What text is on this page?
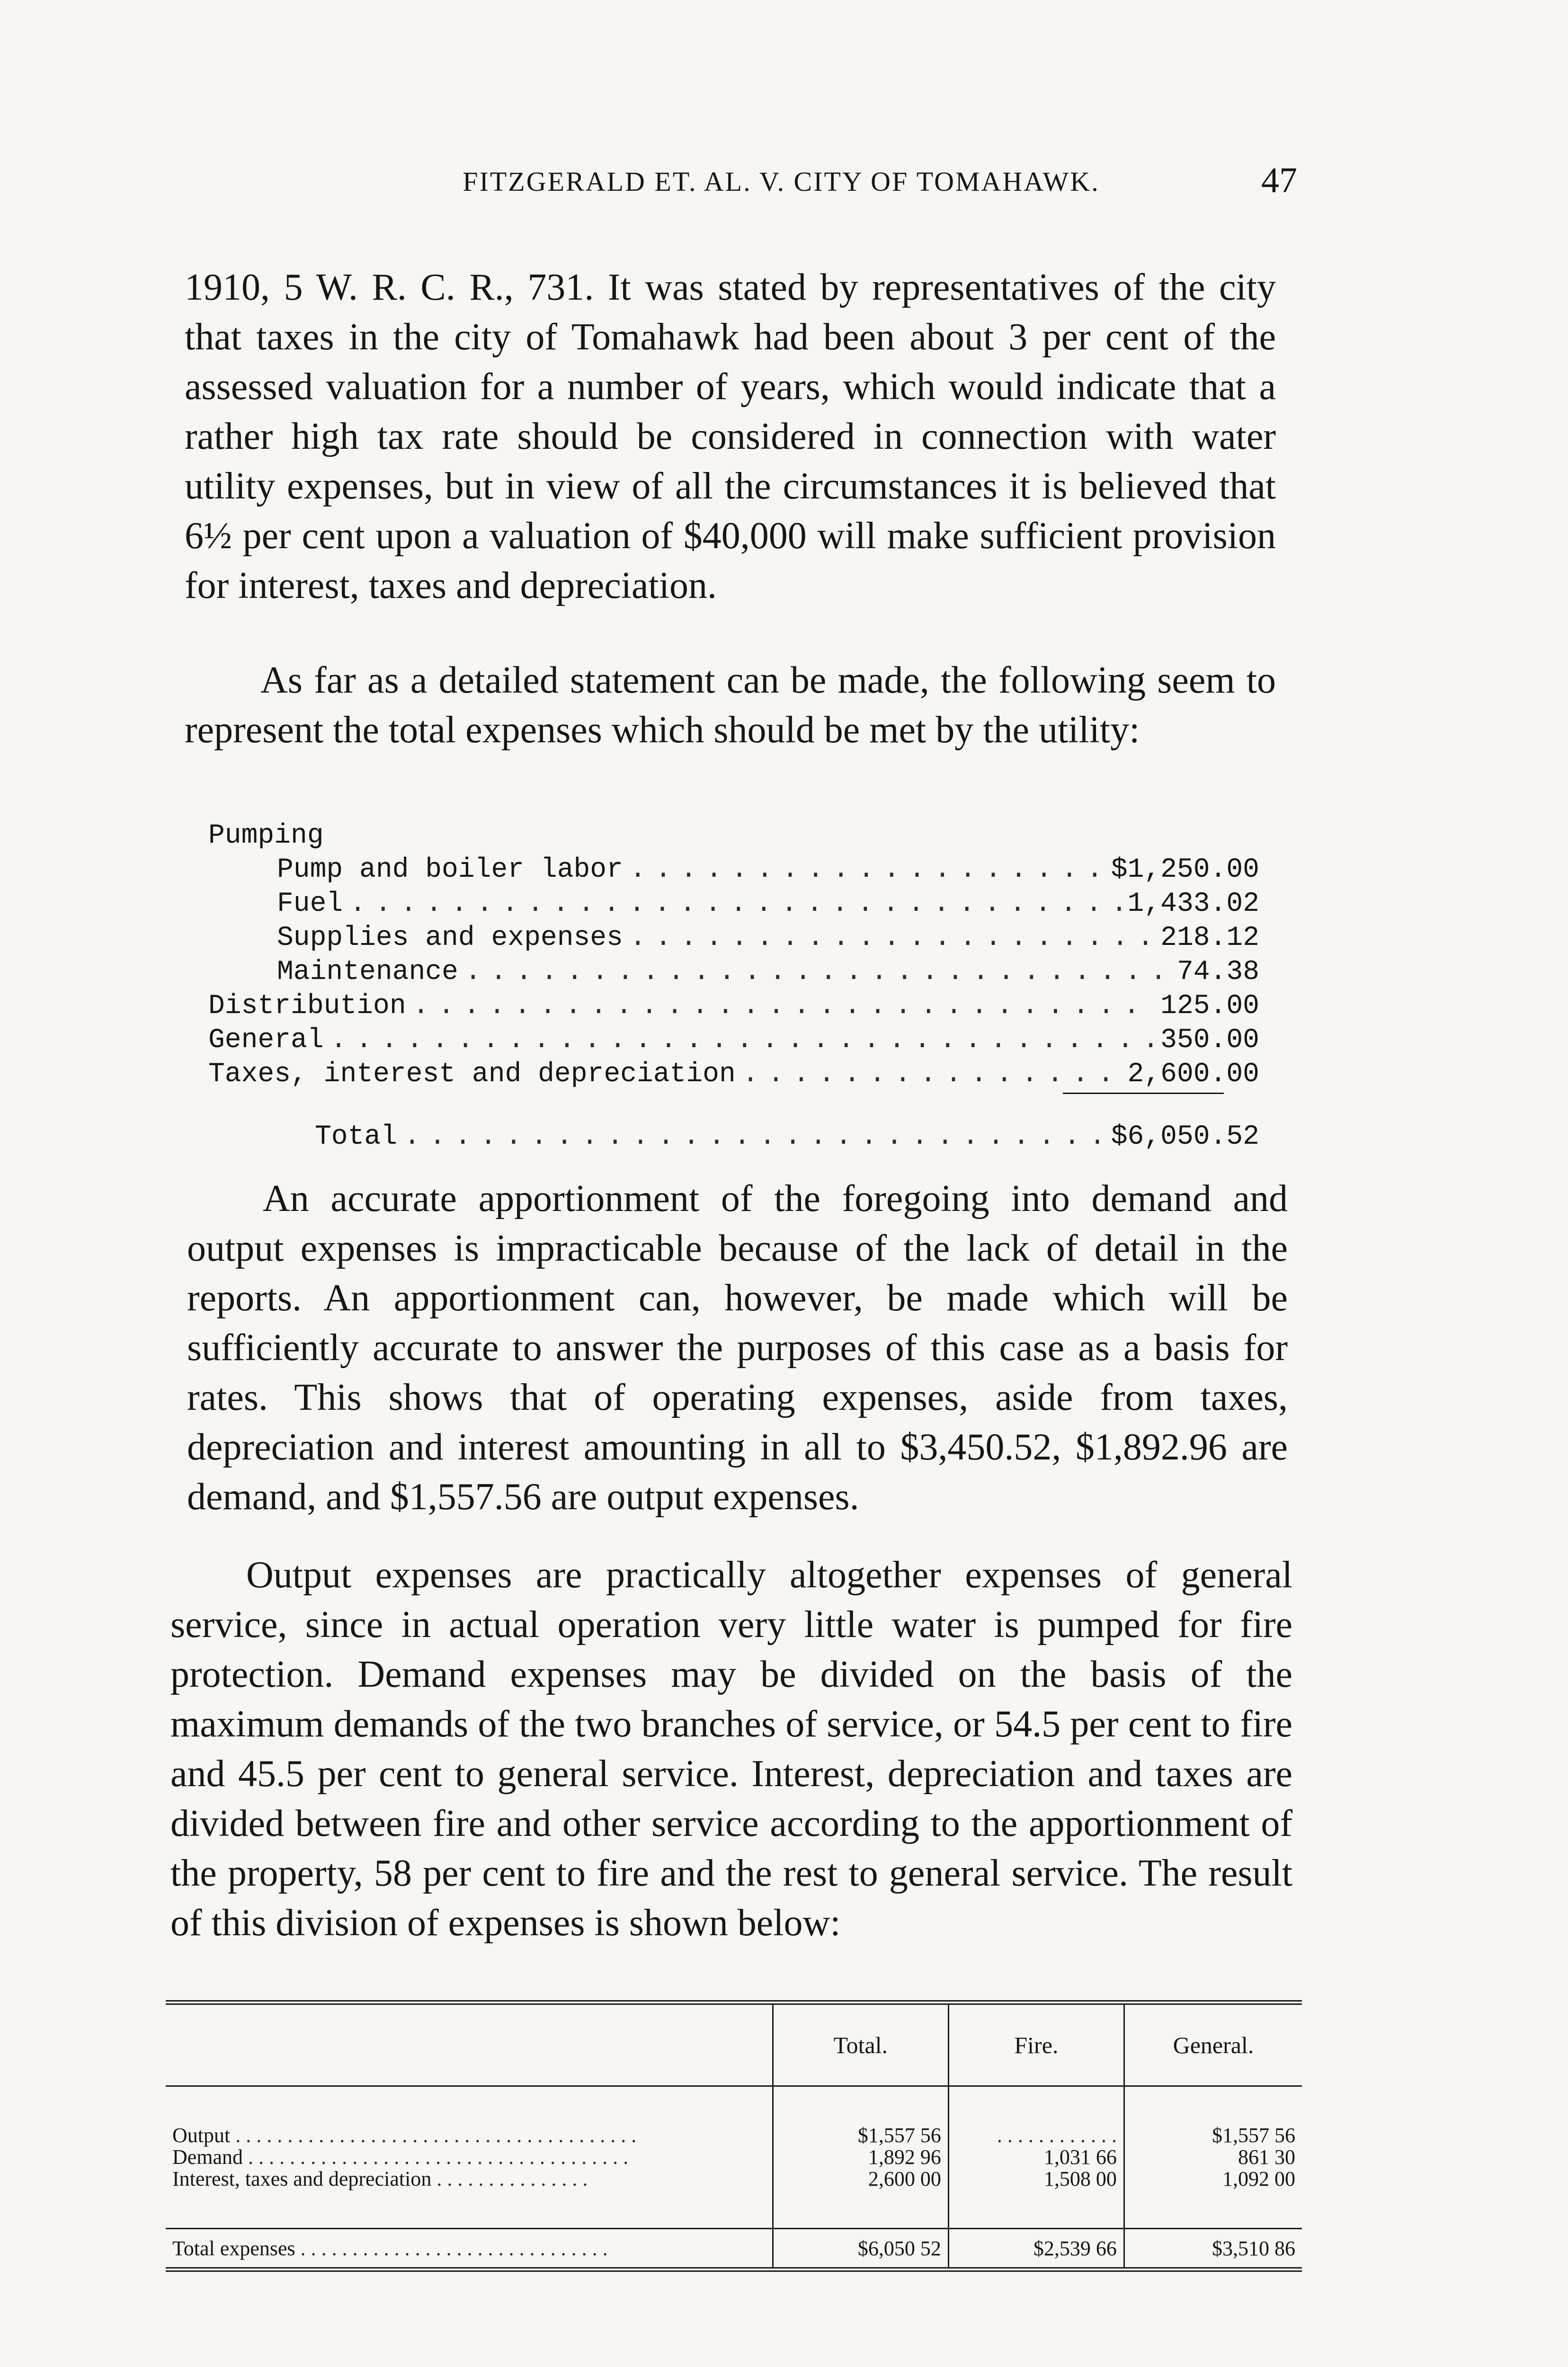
FITZGERALD ET. AL. V. CITY OF TOMAHAWK.	47

1910, 5 W. R. C. R., 731. It was stated by representatives of the city that taxes in the city of Tomahawk had been about 3 per cent of the assessed valuation for a number of years, which would indicate that a rather high tax rate should be considered in connection with water utility expenses, but in view of all the circumstances it is believed that 6½ per cent upon a valuation of $40,000 will make sufficient provision for interest, taxes and depreciation.

As far as a detailed statement can be made, the following seem to represent the total expenses which should be met by the utility:

Pumping
Pump and boiler labor . . .	$1,250.00
Fuel . . .	1,433.02
Supplies and expenses . . .	218.12
Maintenance . . .	74.38
Distribution . . .	125.00
General . . .	350.00
Taxes, interest and depreciation . . .	2,600.00
Total . . .	$6,050.52

An accurate apportionment of the foregoing into demand and output expenses is impracticable because of the lack of detail in the reports. An apportionment can, however, be made which will be sufficiently accurate to answer the purposes of this case as a basis for rates. This shows that of operating expenses, aside from taxes, depreciation and interest amounting in all to $3,450.52, $1,892.96 are demand, and $1,557.56 are output expenses.

Output expenses are practically altogether expenses of general service, since in actual operation very little water is pumped for fire protection. Demand expenses may be divided on the basis of the maximum demands of the two branches of service, or 54.5 per cent to fire and 45.5 per cent to general service. Interest, depreciation and taxes are divided between fire and other service according to the apportionment of the property, 58 per cent to fire and the rest to general service. The result of this division of expenses is shown below:

	Total.	Fire.	General.

Output . . . . . . . . . . . . . . . . . . . . . . . . . . . . . . . . . . . . . . .	$1,557 56	. . . . . . . . . . . .	$1,557 56
Demand . . . . . . . . . . . . . . . . . . . . . . . . . . . . . . . . . . . . .	1,892 96	1,031 66	861 30
Interest, taxes and depreciation . . . . . . . . . . . . . . .	2,600 00	1,508 00	1,092 00

Total expenses . . . . . . . . . . . . . . . . . . . . . . . . . . . . . .	$6,050 52	$2,539 66	$3,510 86
